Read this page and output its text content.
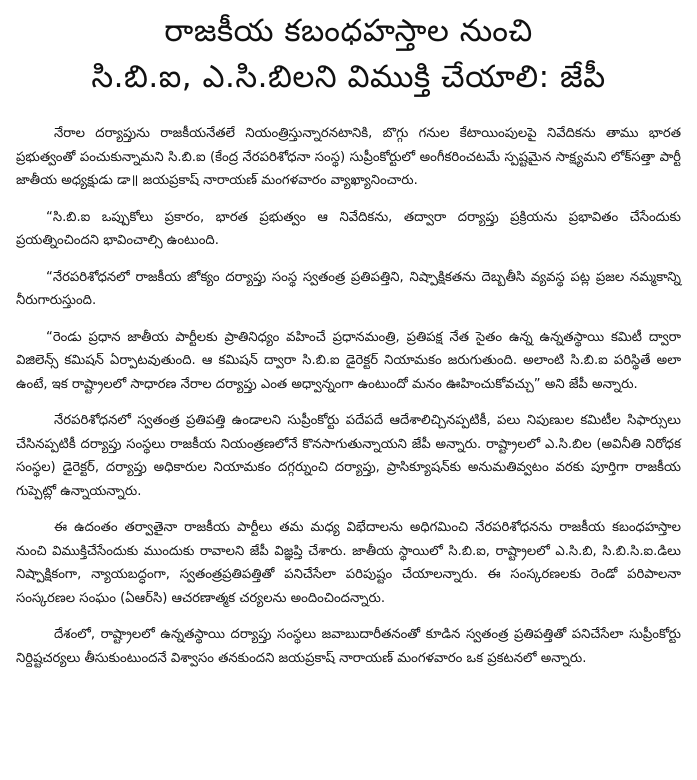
రాజకీయ కబంధహస్తాల నుంచి
సి.బి.ఐ, ఎ.సి.బిలని విముక్తి చేయాలి: జేపీ

నేరాల దర్యాప్తును రాజకీయనేతలే నియంత్రిస్తున్నారనటానికి, బొగ్గు గనుల కేటాయింపులపై నివేదికను తాము భారత ప్రభుత్వంతో పంచుకున్నామని సి.బి.ఐ (కేంద్ర నేరపరిశోధనా సంస్థ) సుప్రీంకోర్టులో అంగీకరించటమే స్పష్టమైన సాక్ష్యమని లోక్‌సత్తా పార్టీ జాతీయ అధ్యక్షుడు డా॥ జయప్రకాష్ నారాయణ్ మంగళవారం వ్యాఖ్యానించారు.

“సి.బి.ఐ ఒప్పుకోలు ప్రకారం, భారత ప్రభుత్వం ఆ నివేదికను, తద్వారా దర్యాప్తు ప్రక్రియను ప్రభావితం చేసేందుకు ప్రయత్నించిందని భావించాల్సి ఉంటుంది.

“నేరపరిశోధనలో రాజకీయ జోక్యం దర్యాప్తు సంస్థ స్వతంత్ర ప్రతిపత్తిని, నిష్పాక్షికతను దెబ్బతీసి వ్యవస్థ పట్ల ప్రజల నమ్మకాన్ని నీరుగారుస్తుంది.

“రెండు ప్రధాన జాతీయ పార్టీలకు ప్రాతినిధ్యం వహించే ప్రధానమంత్రి, ప్రతిపక్ష నేత సైతం ఉన్న ఉన్నతస్థాయి కమిటీ ద్వారా విజిలెన్స్ కమిషన్ ఏర్పాటవుతుంది. ఆ కమిషన్ ద్వారా సి.బి.ఐ డైరెక్టర్ నియామకం జరుగుతుంది. అలాంటి సి.బి.ఐ పరిస్థితే అలా ఉంటే, ఇక రాష్ట్రాలలో సాధారణ నేరాల దర్యాప్తు ఎంత అధ్వాన్నంగా ఉంటుందో మనం ఊహించుకోవచ్చు” అని జేపీ అన్నారు.

నేరపరిశోధనలో స్వతంత్ర ప్రతిపత్తి ఉండాలని సుప్రీంకోర్టు పదేపదే ఆదేశాలిచ్చినప్పటికీ, పలు నిపుణుల కమిటీల సిఫార్సులు చేసినప్పటికీ దర్యాప్తు సంస్థలు రాజకీయ నియంత్రణలోనే కొనసాగుతున్నాయని జేపీ అన్నారు. రాష్ట్రాలలో ఎ.సి.బిల (అవినీతి నిరోధక సంస్థల) డైరెక్టర్, దర్యాప్తు అధికారుల నియామకం దగ్గర్నుంచి దర్యాప్తు, ప్రాసిక్యూషన్‌కు అనుమతివ్వటం వరకు పూర్తిగా రాజకీయ గుప్పెట్లో ఉన్నాయన్నారు.

ఈ ఉదంతం తర్వాతైనా రాజకీయ పార్టీలు తమ మధ్య విభేదాలను అధిగమించి నేరపరిశోధనను రాజకీయ కబంధహస్తాల నుంచి విముక్తిచేసేందుకు ముందుకు రావాలని జేపీ విజ్ఞప్తి చేశారు. జాతీయ స్థాయిలో సి.బి.ఐ, రాష్ట్రాలలో ఎ.సి.బి, సి.బి.సి.ఐ.డిలు నిష్పాక్షికంగా, న్యాయబద్ధంగా, స్వతంత్రప్రతిపత్తితో పనిచేసేలా పరిపుష్టం చేయాలన్నారు. ఈ సంస్కరణలకు రెండో పరిపాలనా సంస్కరణల సంఘం (ఏఆర్‌సి) ఆచరణాత్మక చర్యలను అందించిందన్నారు.

దేశంలో, రాష్ట్రాలలో ఉన్నతస్థాయి దర్యాప్తు సంస్థలు జవాబుదారీతనంతో కూడిన స్వతంత్ర ప్రతిపత్తితో పనిచేసేలా సుప్రీంకోర్టు నిర్దిష్టచర్యలు తీసుకుంటుందనే విశ్వాసం తనకుందని జయప్రకాష్ నారాయణ్ మంగళవారం ఒక ప్రకటనలో అన్నారు.
